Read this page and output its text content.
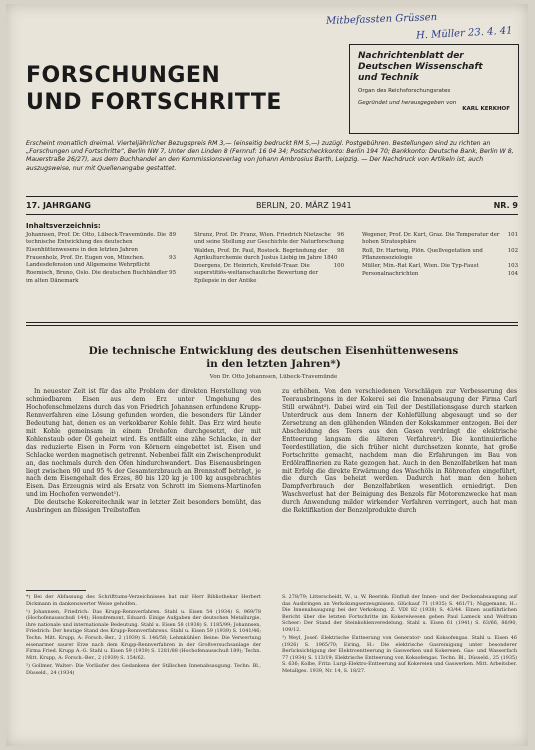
Mitbefassten Grüssen
H. Müller 23. 4. 41
FORSCHUNGEN
UND FORTSCHRITTE
Nachrichtenblatt der
Deutschen Wissenschaft
und Technik
Organ des Reichsforschungsrates
Gegründet und herausgegeben von
KARL KERKHOF
Erscheint monatlich dreimal. Vierteljährlicher Bezugspreis RM 3,— (einseitig bedruckt RM 5,—) zuzügl. Postgebühren. Bestellungen sind zu richten an „Forschungen und Fortschritte“, Berlin NW 7, Unter den Linden 8 (Fernruf: 16 04 34; Postscheckkonto: Berlin 194 70; Bankkonto: Deutsche Bank, Berlin W 8, Mauerstraße 26/27), aus dem Buchhandel an den Kommissionsverlag von Johann Ambrosius Barth, Leipzig. — Der Nachdruck von Artikeln ist, auch auszugsweise, nur mit Quellenangabe gestattet.
17. JAHRGANG	BERLIN, 20. MÄRZ 1941	NR. 9
Inhaltsverzeichnis:
89
Johannsen, Prof. Dr. Otto, Lübeck-Travemünde. Die technische Entwicklung des deutschen Eisenhüttenwesens in den letzten Jahren
93
Frauenholz, Prof. Dr. Eugen von, München. Landesdefension und Allgemeine Wehrpflicht
95
Roemisch, Bruno, Oslo. Die deutschen Buchhändler im alten Dänemark
96
Strunz, Prof. Dr. Franz, Wien. Friedrich Nietzsche und seine Stellung zur Geschichte der Naturforschung
98
Walden, Prof. Dr. Paul, Rostock. Begründung der Agrikulturchemie durch Justus Liebig im Jahre 1840
100
Doergens, Dr. Heinrich, Krefeld-Traar. Die superstitiös-weltanschauliche Bewertung der Epilepsie in der Antike
101
Wegener, Prof. Dr. Kurt, Graz. Die Temperatur der hohen Stratosphäre
102
Roll, Dr. Hartwig, Plön. Quellvegetation und Pflanzensoziologie
103
Müller, Min.-Rat Karl, Wien. Die Typ-Faust
104
Personalnachrichten
Die technische Entwicklung des deutschen Eisenhüttenwesens
in den letzten Jahren*)
Von Dr. Otto Johannsen, Lübeck-Travemünde

In neuester Zeit ist für das alte Problem der direkten Herstellung von schmiedbarem Eisen aus dem Erz unter Umgehung des Hochofenschmelzens durch das von Friedrich Johannsen erfundene Krupp-Rennverfahren eine Lösung gefunden worden, die besonders für Länder Bedeutung hat, denen es an verkokbarer Kohle fehlt. Das Erz wird heute mit Kohle gemeinsam in einem Drehofen durchgesetzt, der mit Kohlenstaub oder Öl geheizt wird. Es entfällt eine zähe Schlacke, in der das reduzierte Eisen in Form von Körnern eingebettet ist. Eisen und Schlacke werden magnetisch getrennt. Nebenbei fällt ein Zwischenprodukt an, das nochmals durch den Ofen hindurchwandert. Das Eisenausbringen liegt zwischen 90 und 95 % der Gesamterzbrauch an Brennstoff beträgt, je nach dem Eisengehalt des Erzes, 80 bis 120 kg je 100 kg ausgebrachtes Eisen. Das Erzeugnis wird als Ersatz von Schrott im Siemens-Martinofen und im Hochofen verwendet¹).

Die deutsche Kokereitechnik war in letzter Zeit besonders bemüht, das Ausbringen an flüssigen Treibstoffen

zu erhöhen. Von den verschiedenen Vorschlägen zur Verbesserung des Teerausbringens in der Kokerei sei die Innenabsaugung der Firma Carl Still erwähnt³). Dabei wird ein Teil der Destillationsgase durch starken Unterdruck aus dem Innern der Kohlefüllung abgesaugt und so der Zersetzung an den glühenden Wänden der Kokskammer entzogen. Bei der Abscheidung des Teers aus den Gasen verdrängt die elektrische Entteerung langsam die älteren Verfahren⁴). Die kontinuierliche Teerdestillation, die sich früher nicht durchsetzen konnte, hat große Fortschritte gemacht, nachdem man die Erfahrungen im Bau von Erdölraffinerien zu Rate gezogen hat. Auch in den Benzolfabriken hat man mit Erfolg die direkte Erwärmung des Waschöls in Röhrenofen eingeführt, die durch Gas beheizt werden. Dadurch hat man den hohen Dampfverbrauch der Benzolfabriken wesentlich erniedrigt. Den Waschverlust hat der Beinigung des Benzols für Motorenzwecke hat man durch Anwendung milder wirkender Verfahren verringert, auch hat man die Rektifikation der Benzolprodukte durch

*) Bei der Abfassung des Schrifttums-Verzeichnisses hat mir Herr Bibliothekar Herbert Dickmann in dankenswerter Weise geholfen.

¹) Johannsen, Friedrich: Das Krupp-Rennverfahren. Stahl u. Eisen 54 (1934) S. 969/78 (Hochofenausschuß 144); Hondremont, Eduard: Einige Aufgaben der deutschen Metallurgie, ihre nationale und internationale Bedeutung. Stahl u. Eisen 58 (1938) S. 1185/99; Johannsen, Friedrich: Der heutige Stand des Krupp-Rennverfahrens. Stahl u. Eisen 59 (1939) S. 1041/46; Techn. Mitt. Krupp, A: Forsch.-Ber., 2 (1939) S. 146/58; Lehmkühler: Beine: Die Verwertung eisenarmer saurer Erze nach dem Krupp-Rennverfahren in der Großversuchsanlage der Firma Fried. Krupp A.-G. Stahl u. Eisen 59 (1939) S. 1281/88 (Hochofenausschuß 189); Techn. Mitt. Krupp, A: Forsch.-Ber., 2 (1939) S. 154/62.

²) Gollmer, Walter: Die Vorläufer des Gedankens der Stillschen Innenabsaugung. Techn. Bl., Düsseld., 24 (1934)

S. 278/79; Litterscheidt, W., u. W. Reerink: Einfluß der Innen- und der Deckenabsaugung auf das Ausbringen an Verkokungserzeugnissen. Glückauf 71 (1935) S. 461/71; Niggemann, H.: Die Innenabsaugung bei der Verkokung. Z. VDI 82 (1938) S. 43/44. Einen ausführlichen Bericht über die letzten Fortschritte im Kokereiwesen geben Paul Lameck und Wolfram Scheer: Der Stand der Steinkohlenveredelung. Stahl u. Eisen 61 (1941) S. 63/66, 86/90, 109/12.

³) Weyl, Josef: Elektrische Entteerung von Generator- und Koksofengas. Stahl u. Eisen 46 (1926) S. 1965/70; Eiring, H.: Die elektrische Gasreinigung unter besonderer Berücksichtigung der Elektroentteerung in Gaswerken und Kokereien. Gas- und Wasserfach 77 (1934) S. 113/19; Elektrische Entteerung von Koksofengas. Techn. Bl., Düsseld., 25 (1935) S. 636; Kolbe, Fritz: Lurgi-Elektro-Entteerung auf Kokereien und Gaswerken. Mitt. Arbeitsber. Metallges. 1939, Nr. 14, S. 18/27.
